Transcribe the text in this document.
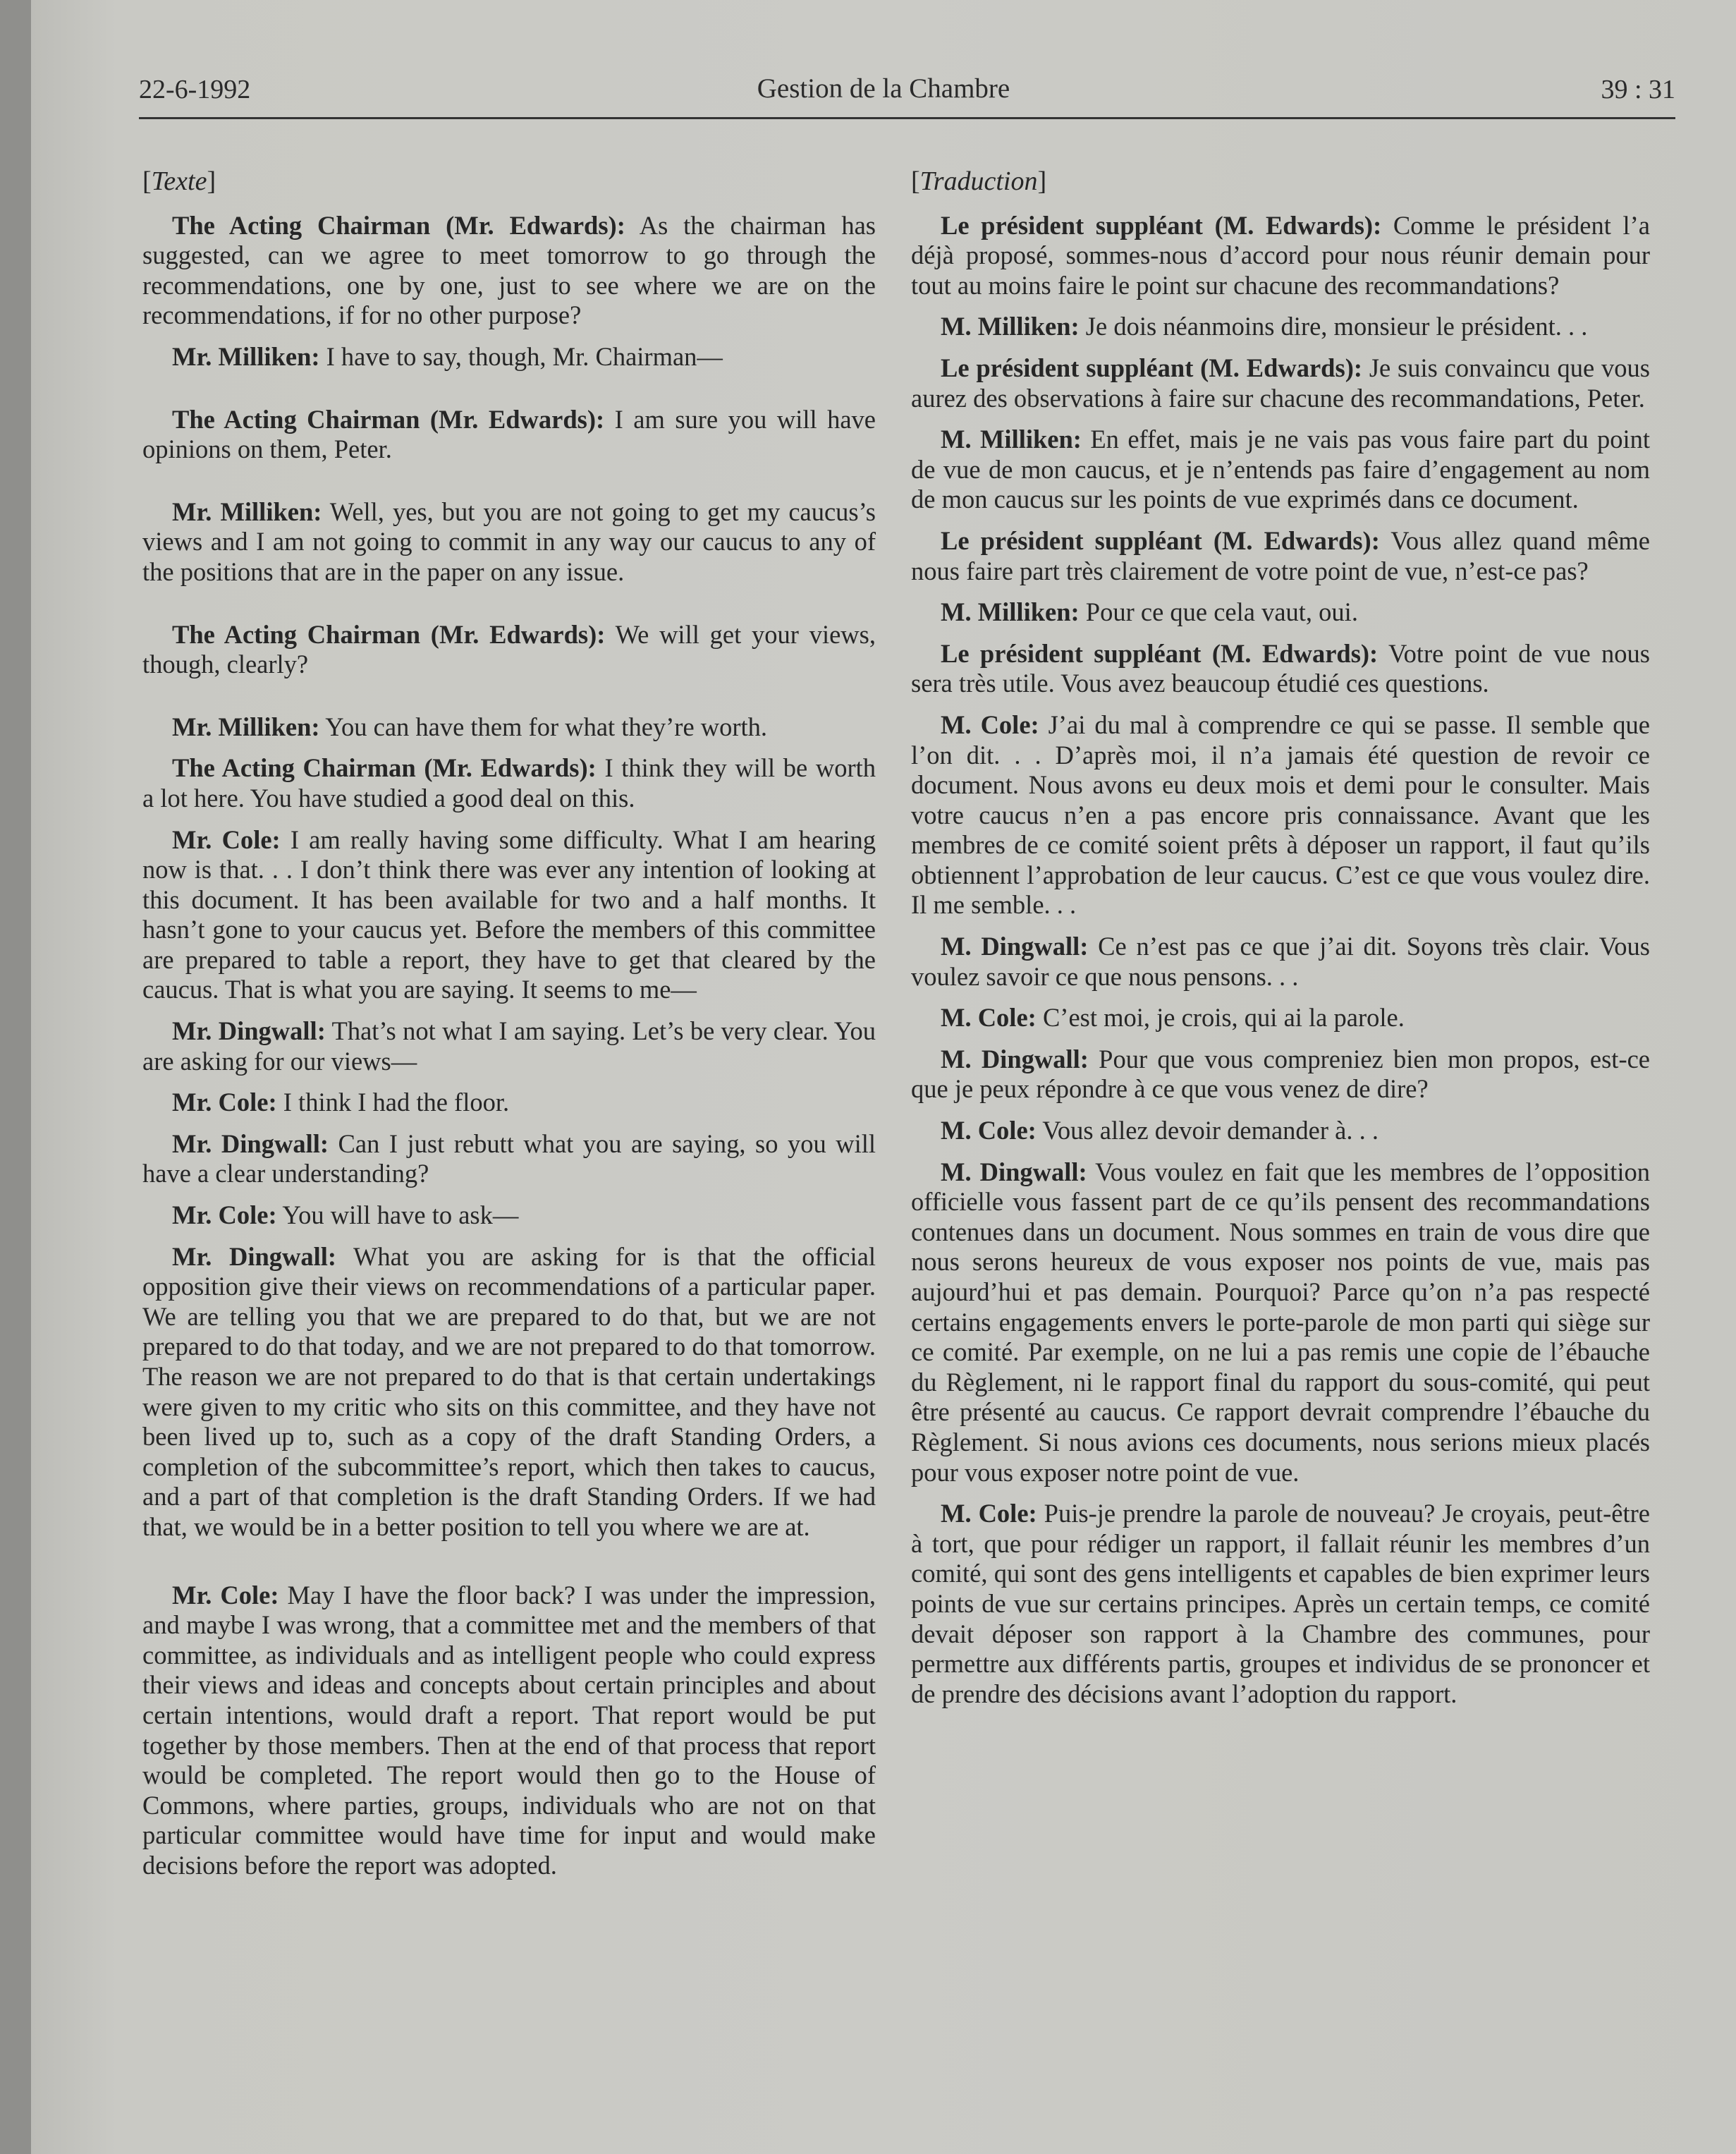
Gestion de la Chambre
22-6-1992	39 : 31

[Texte]

The Acting Chairman (Mr. Edwards): As the chairman has suggested, can we agree to meet tomorrow to go through the recommendations, one by one, just to see where we are on the recommendations, if for no other purpose?

Mr. Milliken: I have to say, though, Mr. Chairman—

The Acting Chairman (Mr. Edwards): I am sure you will have opinions on them, Peter.

Mr. Milliken: Well, yes, but you are not going to get my caucus’s views and I am not going to commit in any way our caucus to any of the positions that are in the paper on any issue.

The Acting Chairman (Mr. Edwards): We will get your views, though, clearly?

Mr. Milliken: You can have them for what they’re worth.

The Acting Chairman (Mr. Edwards): I think they will be worth a lot here. You have studied a good deal on this.

Mr. Cole: I am really having some difficulty. What I am hearing now is that. . . I don’t think there was ever any intention of looking at this document. It has been available for two and a half months. It hasn’t gone to your caucus yet. Before the members of this committee are prepared to table a report, they have to get that cleared by the caucus. That is what you are saying. It seems to me—

Mr. Dingwall: That’s not what I am saying. Let’s be very clear. You are asking for our views—

Mr. Cole: I think I had the floor.

Mr. Dingwall: Can I just rebutt what you are saying, so you will have a clear understanding?

Mr. Cole: You will have to ask—

Mr. Dingwall: What you are asking for is that the official opposition give their views on recommendations of a particular paper. We are telling you that we are prepared to do that, but we are not prepared to do that today, and we are not prepared to do that tomorrow. The reason we are not prepared to do that is that certain undertakings were given to my critic who sits on this committee, and they have not been lived up to, such as a copy of the draft Standing Orders, a completion of the subcommittee’s report, which then takes to caucus, and a part of that completion is the draft Standing Orders. If we had that, we would be in a better position to tell you where we are at.

Mr. Cole: May I have the floor back? I was under the impression, and maybe I was wrong, that a committee met and the members of that committee, as individuals and as intelligent people who could express their views and ideas and concepts about certain principles and about certain intentions, would draft a report. That report would be put together by those members. Then at the end of that process that report would be completed. The report would then go to the House of Commons, where parties, groups, individuals who are not on that particular committee would have time for input and would make decisions before the report was adopted.

[Traduction]

Le président suppléant (M. Edwards): Comme le président l’a déjà proposé, sommes-nous d’accord pour nous réunir demain pour tout au moins faire le point sur chacune des recommandations?

M. Milliken: Je dois néanmoins dire, monsieur le président. . .

Le président suppléant (M. Edwards): Je suis convaincu que vous aurez des observations à faire sur chacune des recommandations, Peter.

M. Milliken: En effet, mais je ne vais pas vous faire part du point de vue de mon caucus, et je n’entends pas faire d’engagement au nom de mon caucus sur les points de vue exprimés dans ce document.

Le président suppléant (M. Edwards): Vous allez quand même nous faire part très clairement de votre point de vue, n’est-ce pas?

M. Milliken: Pour ce que cela vaut, oui.

Le président suppléant (M. Edwards): Votre point de vue nous sera très utile. Vous avez beaucoup étudié ces questions.

M. Cole: J’ai du mal à comprendre ce qui se passe. Il semble que l’on dit. . . D’après moi, il n’a jamais été question de revoir ce document. Nous avons eu deux mois et demi pour le consulter. Mais votre caucus n’en a pas encore pris connaissance. Avant que les membres de ce comité soient prêts à déposer un rapport, il faut qu’ils obtiennent l’approbation de leur caucus. C’est ce que vous voulez dire. Il me semble. . .

M. Dingwall: Ce n’est pas ce que j’ai dit. Soyons très clair. Vous voulez savoir ce que nous pensons. . .

M. Cole: C’est moi, je crois, qui ai la parole.

M. Dingwall: Pour que vous compreniez bien mon propos, est-ce que je peux répondre à ce que vous venez de dire?

M. Cole: Vous allez devoir demander à. . .

M. Dingwall: Vous voulez en fait que les membres de l’opposition officielle vous fassent part de ce qu’ils pensent des recommandations contenues dans un document. Nous sommes en train de vous dire que nous serons heureux de vous exposer nos points de vue, mais pas aujourd’hui et pas demain. Pourquoi? Parce qu’on n’a pas respecté certains engagements envers le porte-parole de mon parti qui siège sur ce comité. Par exemple, on ne lui a pas remis une copie de l’ébauche du Règlement, ni le rapport final du rapport du sous-comité, qui peut être présenté au caucus. Ce rapport devrait comprendre l’ébauche du Règlement. Si nous avions ces documents, nous serions mieux placés pour vous exposer notre point de vue.

M. Cole: Puis-je prendre la parole de nouveau? Je croyais, peut-être à tort, que pour rédiger un rapport, il fallait réunir les membres d’un comité, qui sont des gens intelligents et capables de bien exprimer leurs points de vue sur certains principes. Après un certain temps, ce comité devait déposer son rapport à la Chambre des communes, pour permettre aux différents partis, groupes et individus de se prononcer et de prendre des décisions avant l’adoption du rapport.
